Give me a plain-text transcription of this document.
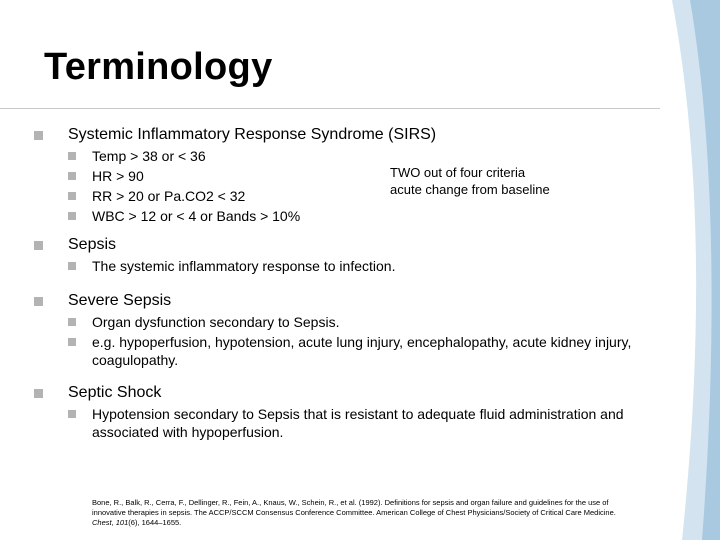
Terminology
Systemic Inflammatory Response Syndrome (SIRS)
Temp > 38 or < 36
HR > 90
RR > 20 or Pa.CO2 < 32
WBC > 12 or < 4 or Bands > 10%
TWO out of four criteria
acute change from baseline
Sepsis
The systemic inflammatory response to infection.
Severe Sepsis
Organ dysfunction secondary to Sepsis.
e.g. hypoperfusion, hypotension, acute lung injury, encephalopathy, acute kidney injury, coagulopathy.
Septic Shock
Hypotension secondary to Sepsis that is resistant to adequate fluid administration and associated with hypoperfusion.
Bone, R., Balk, R., Cerra, F., Dellinger, R., Fein, A., Knaus, W., Schein, R., et al. (1992). Definitions for sepsis and organ failure and guidelines for the use of innovative therapies in sepsis. The ACCP/SCCM Consensus Conference Committee. American College of Chest Physicians/Society of Critical Care Medicine. Chest, 101(6), 1644–1655.
